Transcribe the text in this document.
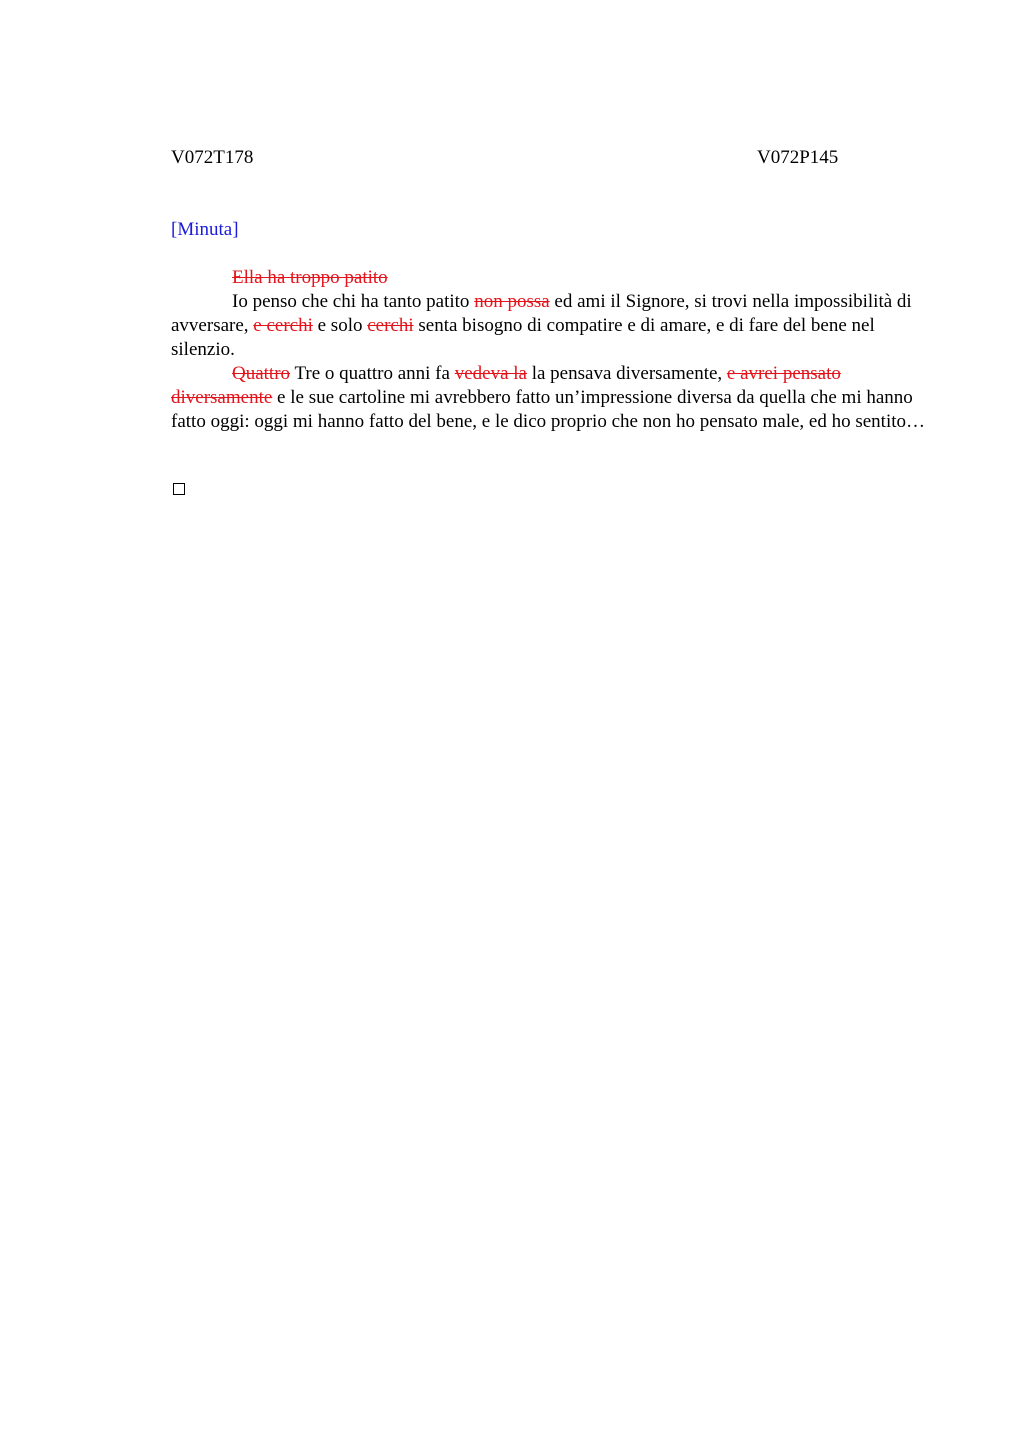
V072T178	V072P145
[Minuta]

Ella ha troppo patito

Io penso che chi ha tanto patito non possa ed ami il Signore, si trovi nella impossibilità di avversare, e cerchi e solo cerchi senta bisogno di compatire e di amare, e di fare del bene nel silenzio.

Quattro Tre o quattro anni fa vedeva la la pensava diversamente, e avrei pensato diversamente e le sue cartoline mi avrebbero fatto un’impressione diversa da quella che mi hanno fatto oggi: oggi mi hanno fatto del bene, e le dico proprio che non ho pensato male, ed ho sentito…
